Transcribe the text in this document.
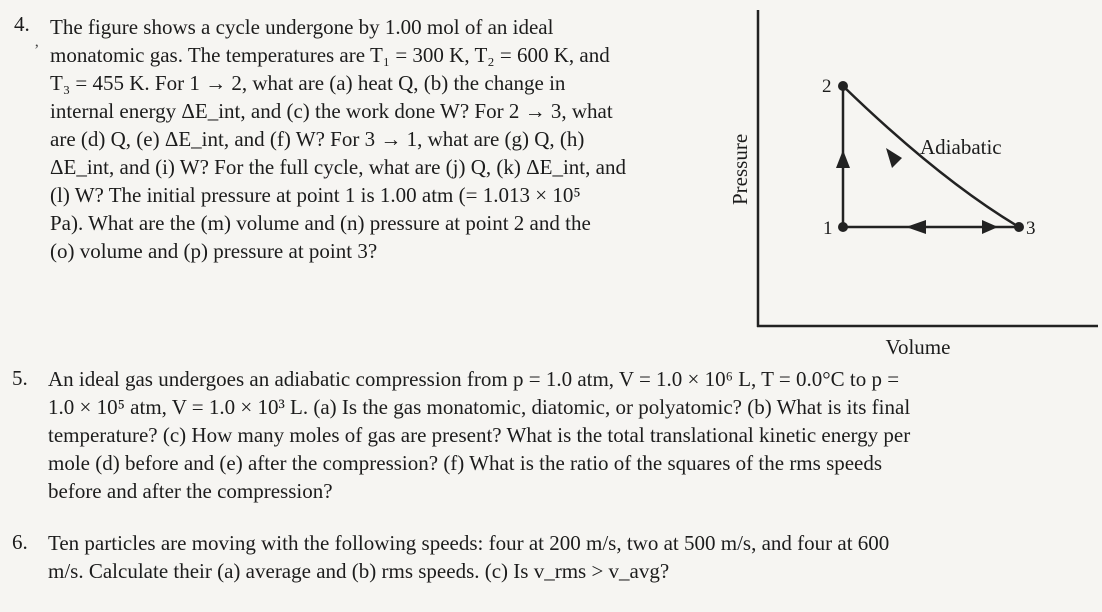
4.
ʼ
The figure shows a cycle undergone by 1.00 mol of an ideal
monatomic gas. The temperatures are T₁ = 300 K, T₂ = 600 K, and
T₃ = 455 K. For 1 → 2, what are (a) heat Q, (b) the change in
internal energy ΔE_int, and (c) the work done W? For 2 → 3, what
are (d) Q, (e) ΔE_int, and (f) W? For 3 → 1, what are (g) Q, (h)
ΔE_int, and (i) W? For the full cycle, what are (j) Q, (k) ΔE_int, and
(l) W? The initial pressure at point 1 is 1.00 atm (= 1.013 × 10⁵
Pa). What are the (m) volume and (n) pressure at point 2 and the
(o) volume and (p) pressure at point 3?
Pressure
Volume
2
1	3
Adiabatic
5. An ideal gas undergoes an adiabatic compression from p = 1.0 atm, V = 1.0 × 10⁶ L, T = 0.0°C to p =
1.0 × 10⁵ atm, V = 1.0 × 10³ L. (a) Is the gas monatomic, diatomic, or polyatomic? (b) What is its final
temperature? (c) How many moles of gas are present? What is the total translational kinetic energy per
mole (d) before and (e) after the compression? (f) What is the ratio of the squares of the rms speeds
before and after the compression?
6. Ten particles are moving with the following speeds: four at 200 m/s, two at 500 m/s, and four at 600
m/s. Calculate their (a) average and (b) rms speeds. (c) Is v_rms > v_avg?
